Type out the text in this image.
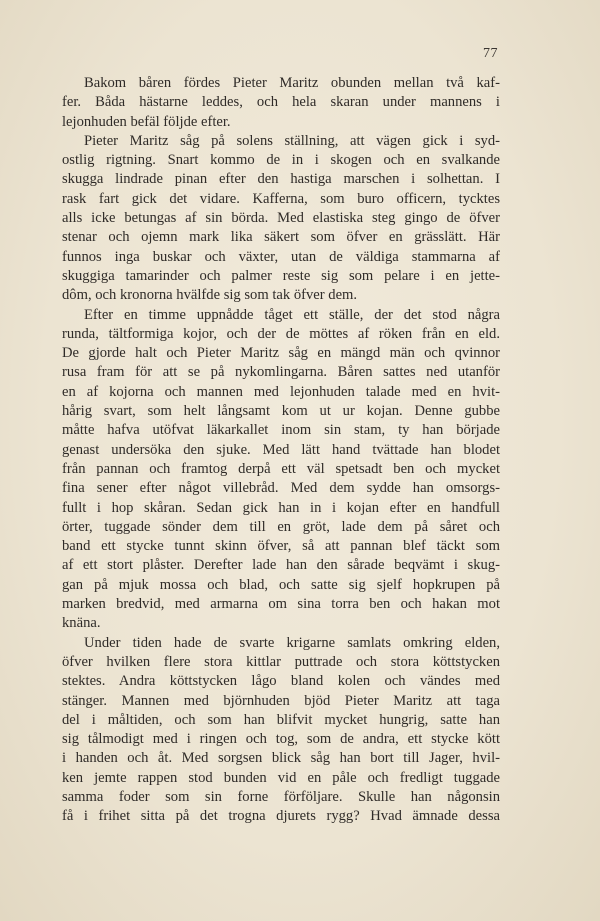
77
Bakom båren fördes Pieter Maritz obunden mellan två kaf-
fer. Båda hästarne leddes, och hela skaran under mannens i
lejonhuden befäl följde efter.
Pieter Maritz såg på solens ställning, att vägen gick i syd-
ostlig rigtning. Snart kommo de in i skogen och en svalkande
skugga lindrade pinan efter den hastiga marschen i solhettan. I
rask fart gick det vidare. Kafferna, som buro officern, tycktes
alls icke betungas af sin börda. Med elastiska steg gingo de öfver
stenar och ojemn mark lika säkert som öfver en grässlätt. Här
funnos inga buskar och växter, utan de väldiga stammarna af
skuggiga tamarinder och palmer reste sig som pelare i en jette-
dôm, och kronorna hvälfde sig som tak öfver dem.
Efter en timme uppnådde tåget ett ställe, der det stod några
runda, tältformiga kojor, och der de möttes af röken från en eld.
De gjorde halt och Pieter Maritz såg en mängd män och qvinnor
rusa fram för att se på nykomlingarna. Båren sattes ned utanför
en af kojorna och mannen med lejonhuden talade med en hvit-
hårig svart, som helt långsamt kom ut ur kojan. Denne gubbe
måtte hafva utöfvat läkarkallet inom sin stam, ty han började
genast undersöka den sjuke. Med lätt hand tvättade han blodet
från pannan och framtog derpå ett väl spetsadt ben och mycket
fina sener efter något villebråd. Med dem sydde han omsorgs-
fullt i hop skåran. Sedan gick han in i kojan efter en handfull
örter, tuggade sönder dem till en gröt, lade dem på såret och
band ett stycke tunnt skinn öfver, så att pannan blef täckt som
af ett stort plåster. Derefter lade han den sårade beqvämt i skug-
gan på mjuk mossa och blad, och satte sig sjelf hopkrupen på
marken bredvid, med armarna om sina torra ben och hakan mot
knäna.
Under tiden hade de svarte krigarne samlats omkring elden,
öfver hvilken flere stora kittlar puttrade och stora köttstycken
stektes. Andra köttstycken lågo bland kolen och vändes med
stänger. Mannen med björnhuden bjöd Pieter Maritz att taga
del i måltiden, och som han blifvit mycket hungrig, satte han
sig tålmodigt med i ringen och tog, som de andra, ett stycke kött
i handen och åt. Med sorgsen blick såg han bort till Jager, hvil-
ken jemte rappen stod bunden vid en påle och fredligt tuggade
samma foder som sin forne förföljare. Skulle han någonsin
få i frihet sitta på det trogna djurets rygg? Hvad ämnade dessa
